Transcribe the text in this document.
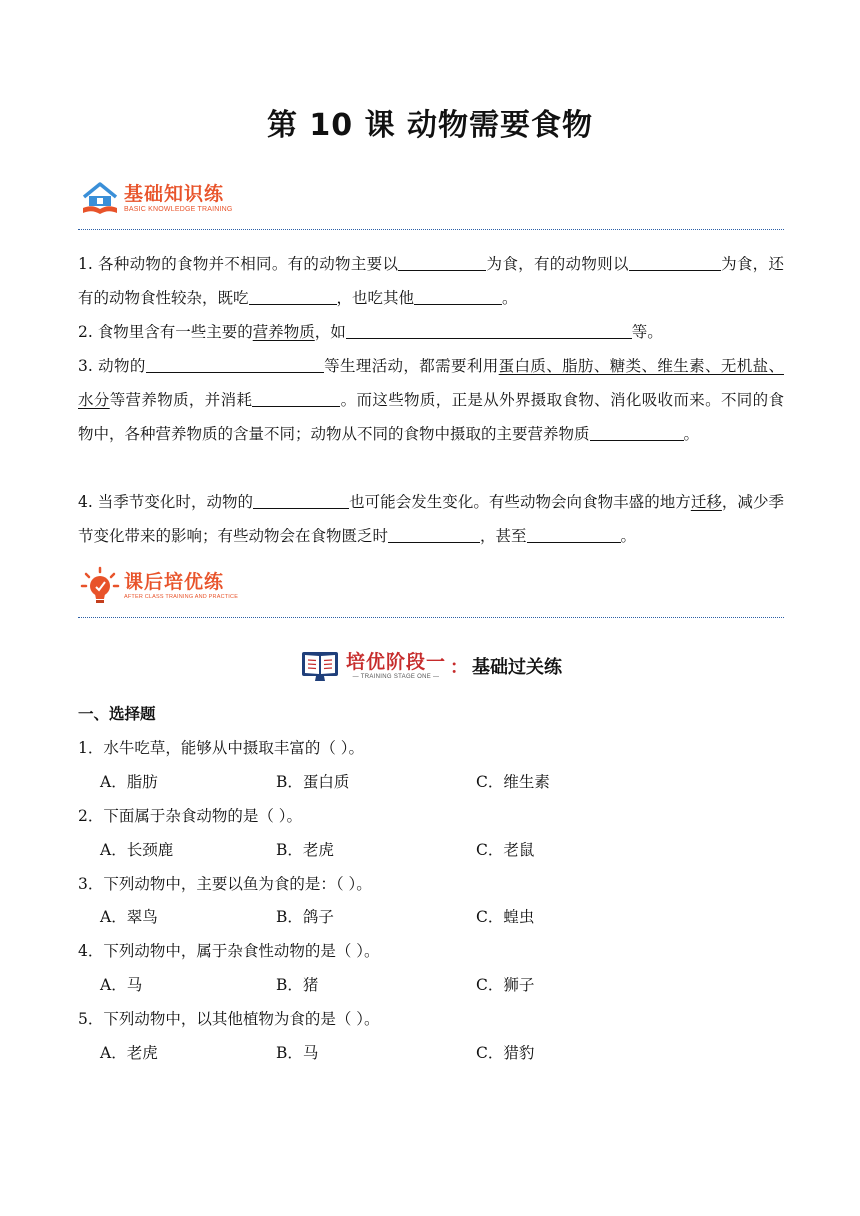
第 10 课 动物需要食物
基础知识练
BASIC KNOWLEDGE TRAINING
1. 各种动物的食物并不相同。有的动物主要以	为食，有的动物则以	为食，还有的动物食性较杂，既吃	，也吃其他	。
2. 食物里含有一些主要的营养物质，如	等。
3. 动物的	等生理活动，都需要利用蛋白质、脂肪、糖类、维生素、无机盐、水分等营养物质，并消耗	。而这些物质，正是从外界摄取食物、消化吸收而来。不同的食物中，各种营养物质的含量不同；动物从不同的食物中摄取的主要营养物质	。
4. 当季节变化时，动物的	也可能会发生变化。有些动物会向食物丰盛的地方迁移，减少季节变化带来的影响；有些动物会在食物匮乏时	，甚至	。
课后培优练
AFTER CLASS TRAINING AND PRACTICE
培优阶段一
— TRAINING STAGE ONE — ： 基础过关练
一、选择题
1．水牛吃草，能够从中摄取丰富的（ ）。
A．脂肪	B．蛋白质	C．维生素
2．下面属于杂食动物的是（ ）。
A．长颈鹿	B．老虎	C．老鼠
3．下列动物中，主要以鱼为食的是：（ ）。
A．翠鸟	B．鸽子	C．蝗虫
4．下列动物中，属于杂食性动物的是（ ）。
A．马	B．猪	C．狮子
5．下列动物中，以其他植物为食的是（ ）。
A．老虎	B．马	C．猎豹
